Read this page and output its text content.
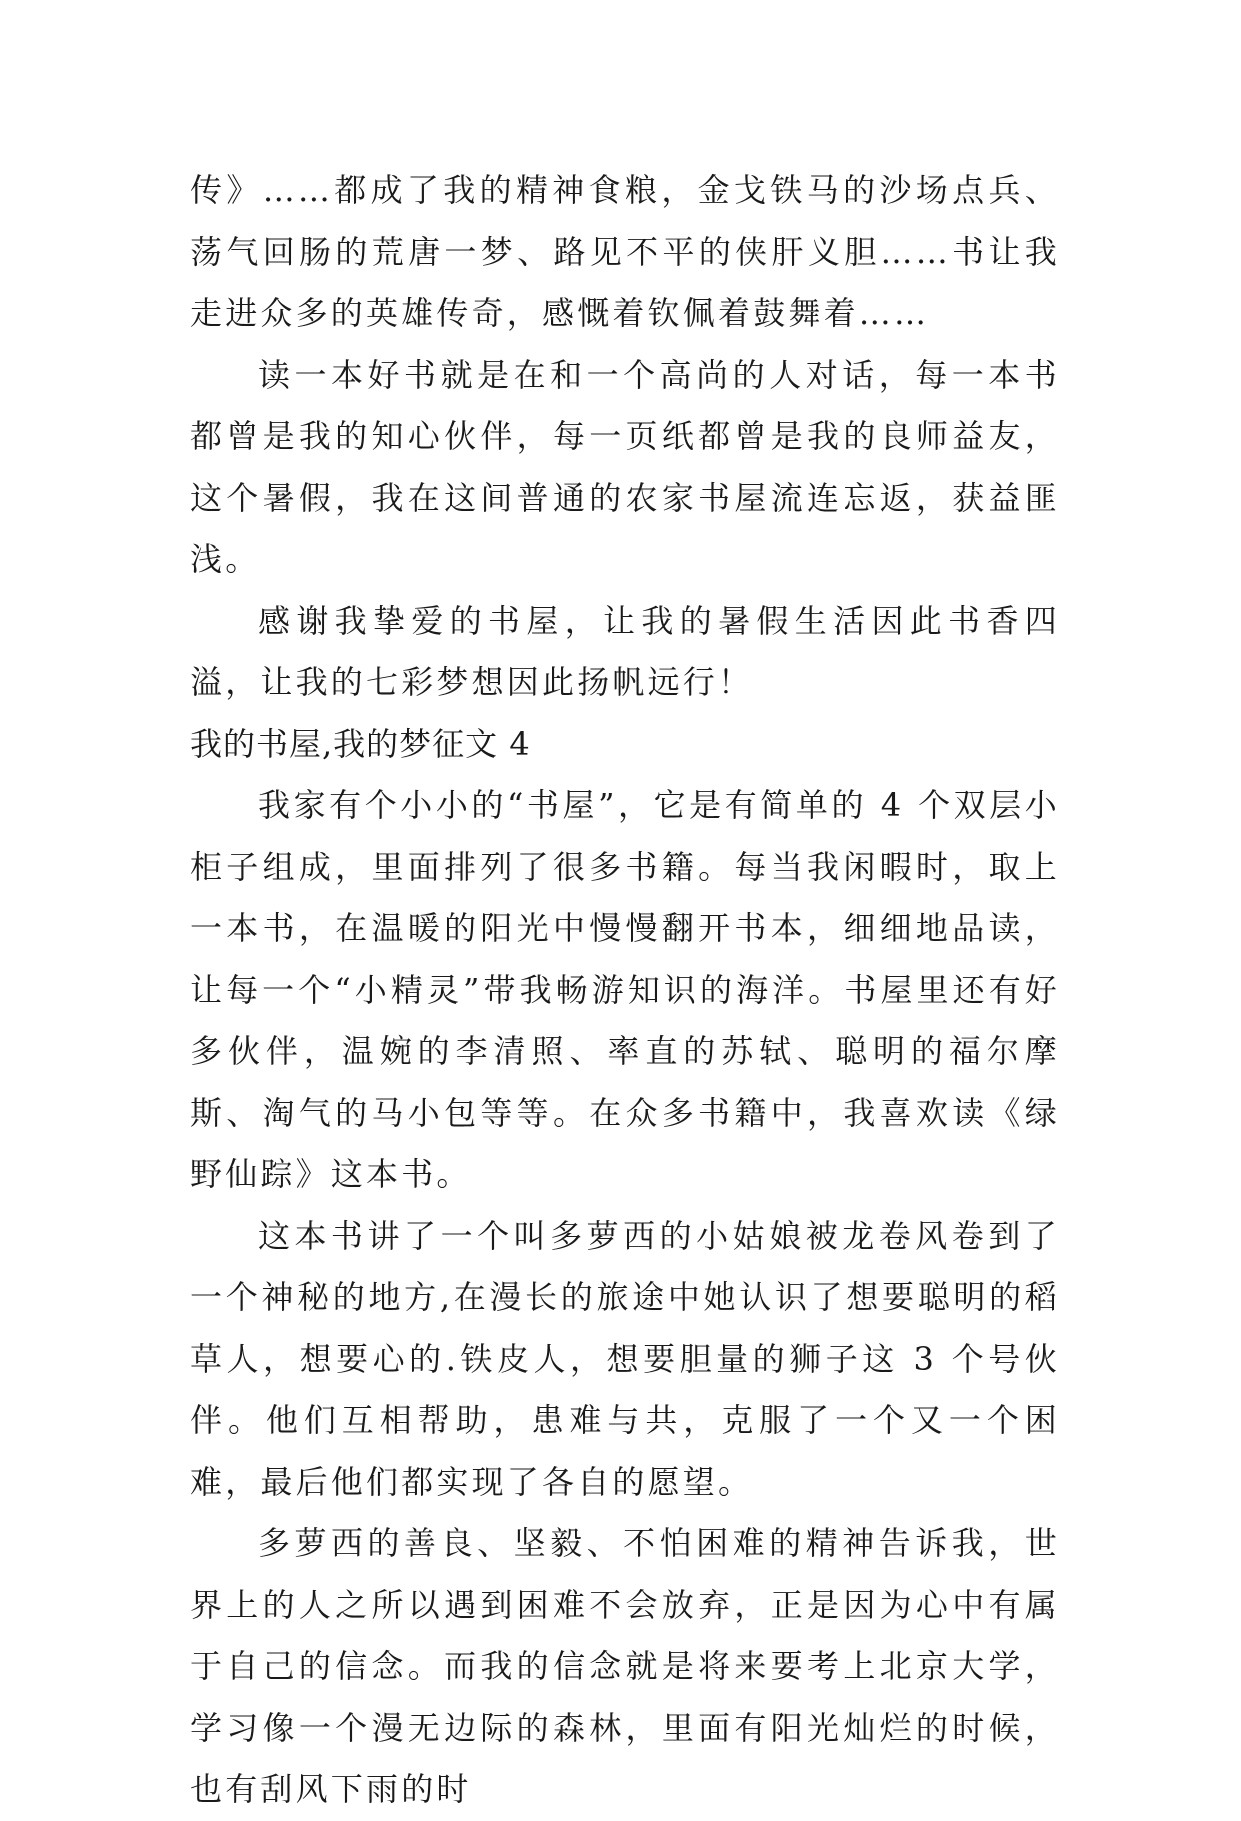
传》……都成了我的精神食粮，金戈铁马的沙场点兵、荡气回肠的荒唐一梦、路见不平的侠肝义胆……书让我走进众多的英雄传奇，感慨着钦佩着鼓舞着……

读一本好书就是在和一个高尚的人对话，每一本书都曾是我的知心伙伴，每一页纸都曾是我的良师益友，这个暑假，我在这间普通的农家书屋流连忘返，获益匪浅。

感谢我挚爱的书屋，让我的暑假生活因此书香四溢，让我的七彩梦想因此扬帆远行！

我的书屋,我的梦征文 4

我家有个小小的“书屋”，它是有简单的 4 个双层小柜子组成，里面排列了很多书籍。每当我闲暇时，取上一本书，在温暖的阳光中慢慢翻开书本，细细地品读，让每一个“小精灵”带我畅游知识的海洋。书屋里还有好多伙伴，温婉的李清照、率直的苏轼、聪明的福尔摩斯、淘气的马小包等等。在众多书籍中，我喜欢读《绿野仙踪》这本书。

这本书讲了一个叫多萝西的小姑娘被龙卷风卷到了一个神秘的地方,在漫长的旅途中她认识了想要聪明的稻草人，想要心的.铁皮人，想要胆量的狮子这 3 个号伙伴。他们互相帮助，患难与共，克服了一个又一个困难，最后他们都实现了各自的愿望。

多萝西的善良、坚毅、不怕困难的精神告诉我，世界上的人之所以遇到困难不会放弃，正是因为心中有属于自己的信念。而我的信念就是将来要考上北京大学，学习像一个漫无边际的森林，里面有阳光灿烂的时候，也有刮风下雨的时
